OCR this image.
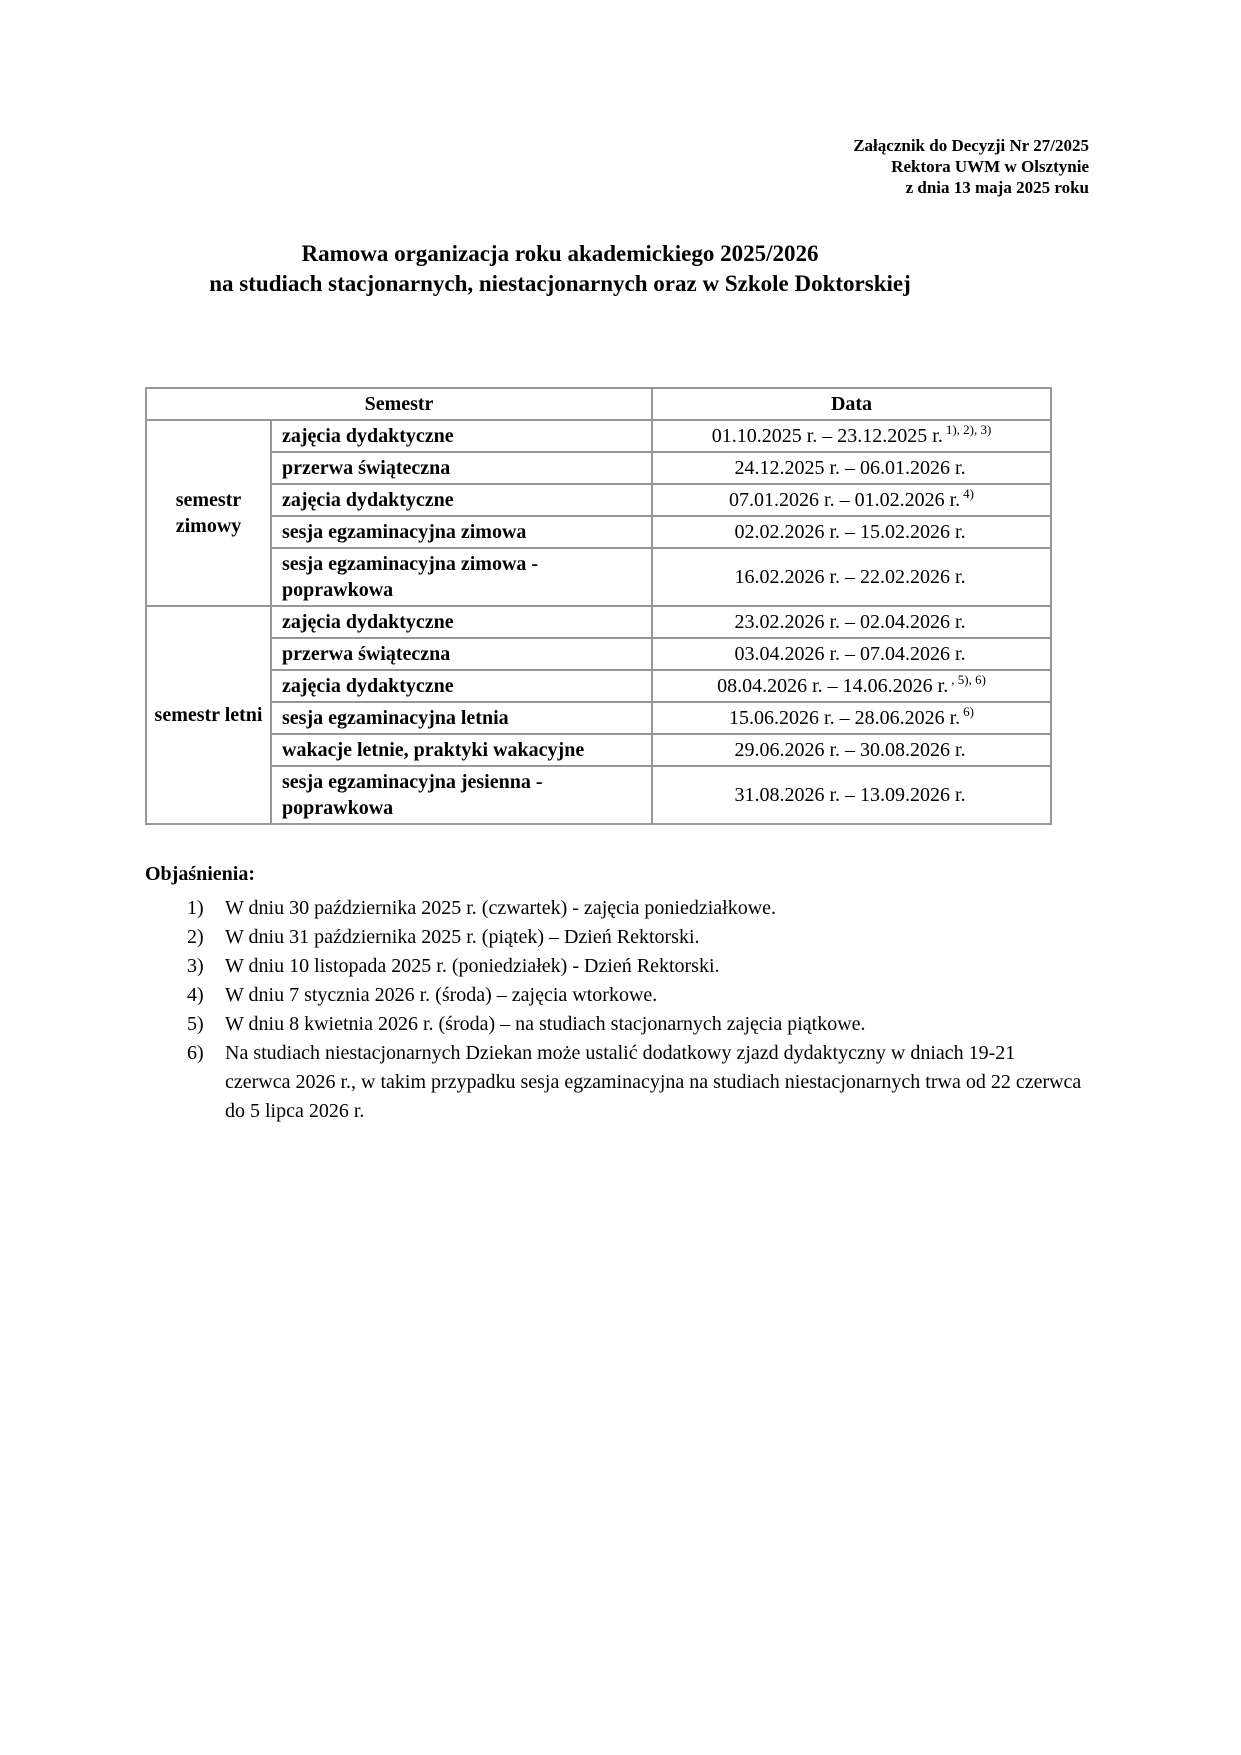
Załącznik do Decyzji Nr 27/2025
Rektora UWM w Olsztynie
z dnia 13 maja 2025 roku
Ramowa organizacja roku akademickiego 2025/2026
na studiach stacjonarnych, niestacjonarnych oraz w Szkole Doktorskiej
Semestr		Data
semestr zimowy	zajęcia dydaktyczne	01.10.2025 r. – 23.12.2025 r. $^{1), 2), 3)}$
	przerwa świąteczna	24.12.2025 r. – 06.01.2026 r.
	zajęcia dydaktyczne	07.01.2026 r. – 01.02.2026 r. $^{4)}$
	sesja egzaminacyjna zimowa	02.02.2026 r. – 15.02.2026 r.
	sesja egzaminacyjna zimowa - poprawkowa	16.02.2026 r. – 22.02.2026 r.
semestr letni	zajęcia dydaktyczne	23.02.2026 r. – 02.04.2026 r.
	przerwa świąteczna	03.04.2026 r. – 07.04.2026 r.
	zajęcia dydaktyczne	08.04.2026 r. – 14.06.2026 r. $^{, 5), 6)}$
	sesja egzaminacyjna letnia	15.06.2026 r. – 28.06.2026 r. $^{6)}$
	wakacje letnie, praktyki wakacyjne	29.06.2026 r. – 30.08.2026 r.
	sesja egzaminacyjna jesienna - poprawkowa	31.08.2026 r. – 13.09.2026 r.
Objaśnienia:
1)	W dniu 30 października 2025 r. (czwartek) - zajęcia poniedziałkowe.
2)	W dniu 31 października 2025 r. (piątek) – Dzień Rektorski.
3)	W dniu 10 listopada 2025 r. (poniedziałek) - Dzień Rektorski.
4)	W dniu 7 stycznia 2026 r. (środa) – zajęcia wtorkowe.
5)	W dniu 8 kwietnia 2026 r. (środa) – na studiach stacjonarnych zajęcia piątkowe.
6)	Na studiach niestacjonarnych Dziekan może ustalić dodatkowy zjazd dydaktyczny w dniach 19-21 czerwca 2026 r., w takim przypadku sesja egzaminacyjna na studiach niestacjonarnych trwa od 22 czerwca do 5 lipca 2026 r.
